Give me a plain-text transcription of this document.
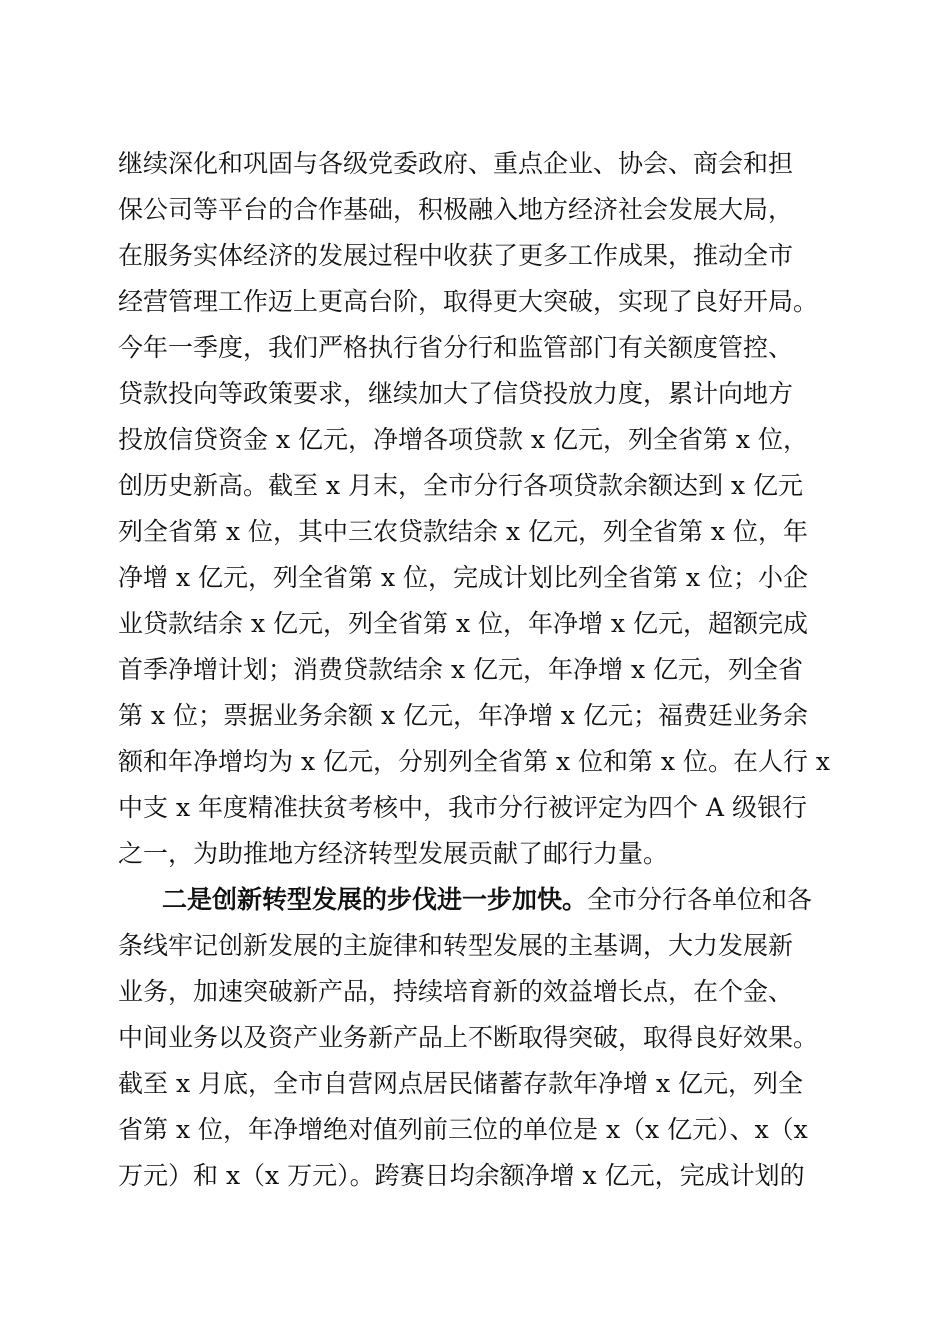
继续深化和巩固与各级党委政府、重点企业、协会、商会和担
保公司等平台的合作基础，积极融入地方经济社会发展大局，
在服务实体经济的发展过程中收获了更多工作成果，推动全市
经营管理工作迈上更高台阶，取得更大突破，实现了良好开局。
今年一季度，我们严格执行省分行和监管部门有关额度管控、
贷款投向等政策要求，继续加大了信贷投放力度，累计向地方
投放信贷资金 x 亿元，净增各项贷款 x 亿元，列全省第 x 位，
创历史新高。截至 x 月末，全市分行各项贷款余额达到 x 亿元
列全省第 x 位，其中三农贷款结余 x 亿元，列全省第 x 位，年
净增 x 亿元，列全省第 x 位，完成计划比列全省第 x 位；小企
业贷款结余 x 亿元，列全省第 x 位，年净增 x 亿元，超额完成
首季净增计划；消费贷款结余 x 亿元，年净增 x 亿元，列全省
第 x 位；票据业务余额 x 亿元，年净增 x 亿元；福费廷业务余
额和年净增均为 x 亿元，分别列全省第 x 位和第 x 位。在人行 x
中支 x 年度精准扶贫考核中，我市分行被评定为四个 A 级银行
之一，为助推地方经济转型发展贡献了邮行力量。
二是创新转型发展的步伐进一步加快。全市分行各单位和各
条线牢记创新发展的主旋律和转型发展的主基调，大力发展新
业务，加速突破新产品，持续培育新的效益增长点，在个金、
中间业务以及资产业务新产品上不断取得突破，取得良好效果。
截至 x 月底，全市自营网点居民储蓄存款年净增 x 亿元，列全
省第 x 位，年净增绝对值列前三位的单位是 x（x 亿元）、x（x
万元）和 x（x 万元）。跨赛日均余额净增 x 亿元，完成计划的
